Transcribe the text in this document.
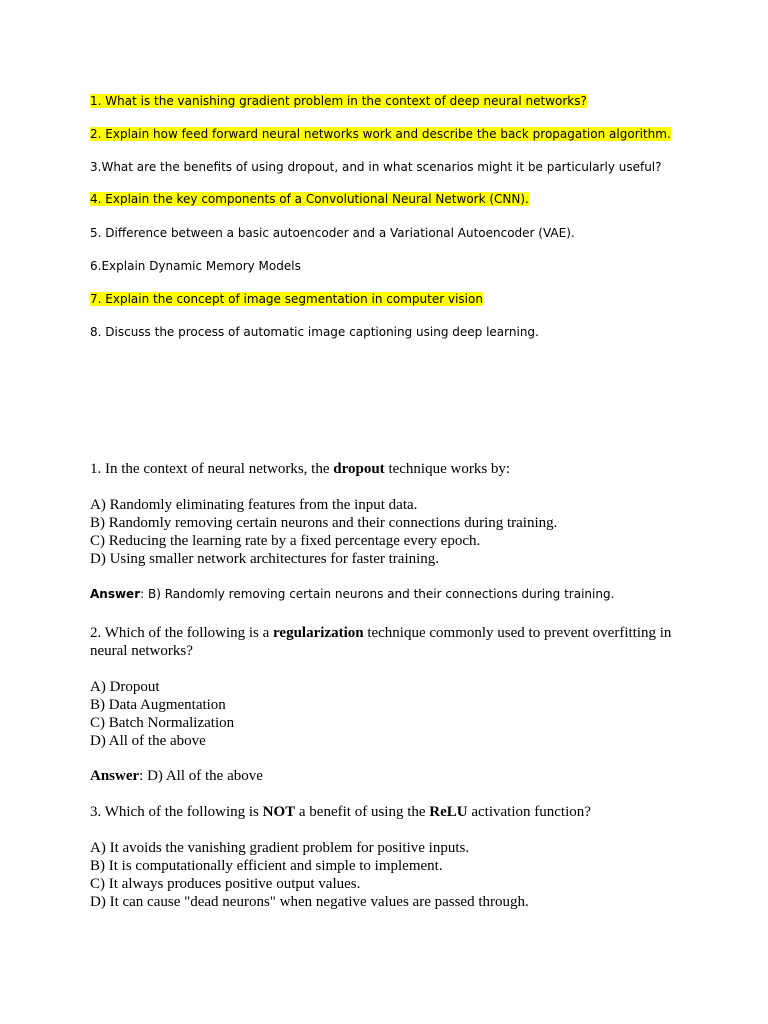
1. What is the vanishing gradient problem in the context of deep neural networks?
2. Explain how feed forward neural networks work and describe the back propagation algorithm.
3.What are the benefits of using dropout, and in what scenarios might it be particularly useful?
4. Explain the key components of a Convolutional Neural Network (CNN).
5. Difference between a basic autoencoder and a Variational Autoencoder (VAE).
6.Explain Dynamic Memory Models
7. Explain the concept of image segmentation in computer vision
8. Discuss the process of automatic image captioning using deep learning.
1. In the context of neural networks, the dropout technique works by:
A) Randomly eliminating features from the input data.
B) Randomly removing certain neurons and their connections during training.
C) Reducing the learning rate by a fixed percentage every epoch.
D) Using smaller network architectures for faster training.
Answer: B) Randomly removing certain neurons and their connections during training.
2. Which of the following is a regularization technique commonly used to prevent overfitting in
neural networks?
A) Dropout
B) Data Augmentation
C) Batch Normalization
D) All of the above
Answer: D) All of the above
3. Which of the following is NOT a benefit of using the ReLU activation function?
A) It avoids the vanishing gradient problem for positive inputs.
B) It is computationally efficient and simple to implement.
C) It always produces positive output values.
D) It can cause "dead neurons" when negative values are passed through.
